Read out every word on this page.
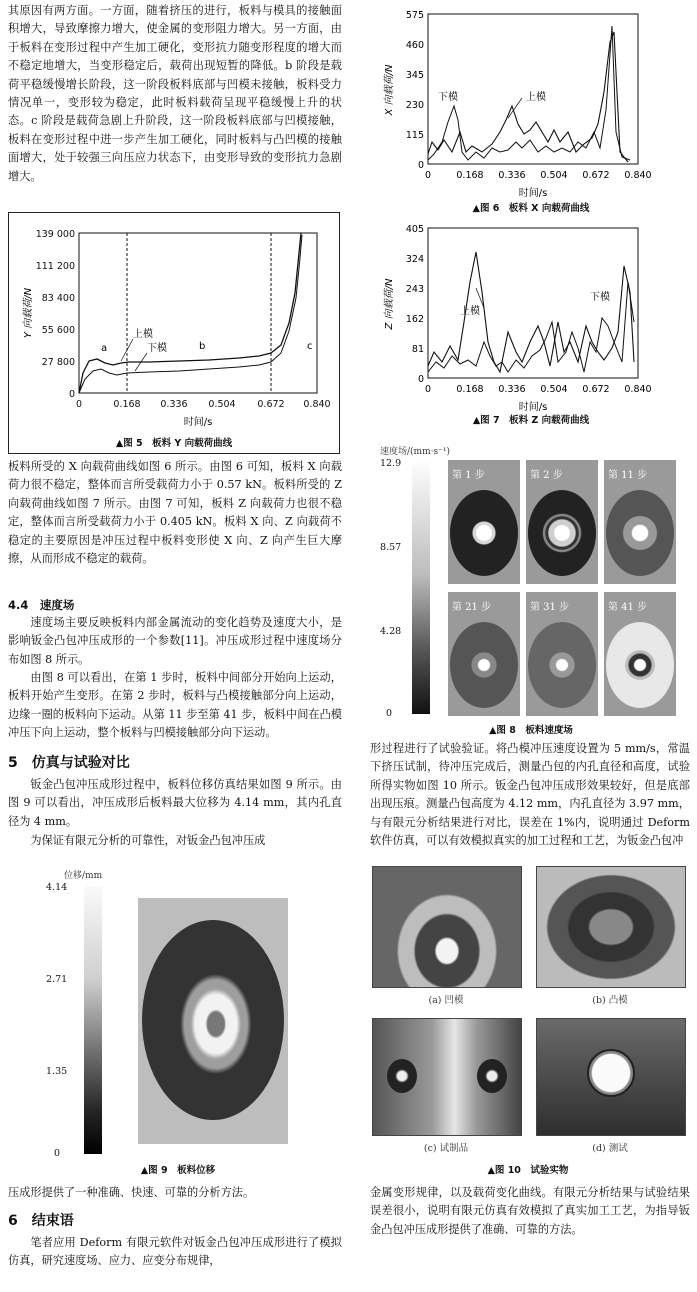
其原因有两方面。一方面，随着挤压的进行，板料与模具的接触面积增大，导致摩擦力增大，使金属的变形阻力增大。另一方面，由于板料在变形过程中产生加工硬化，变形抗力随变形程度的增大而不稳定地增大，当变形稳定后，载荷出现短暂的降低。b 阶段是载荷平稳缓慢增长阶段，这一阶段板料底部与凹模未接触，板料受力情况单一，变形较为稳定，此时板料载荷呈现平稳缓慢上升的状态。c 阶段是载荷急剧上升阶段，这一阶段板料底部与凹模接触，板料在变形过程中进一步产生加工硬化，同时板料与凸凹模的接触面增大，处于较强三向压应力状态下，由变形导致的变形抗力急剧增大。

139 000
111 200
83 400
55 600
27 800
0
0	0.168 0.336 0.504 0.672 0.840
Y 向载荷/N
时间/s
a	b	c
上模
下模
▲图 5　板料 Y 向载荷曲线

板料所受的 X 向载荷曲线如图 6 所示。由图 6 可知，板料 X 向载荷力很不稳定，整体而言所受载荷力小于 0.57 kN。板料所受的 Z 向载荷曲线如图 7 所示。由图 7 可知，板料 Z 向载荷力也很不稳定，整体而言所受载荷力小于 0.405 kN。板料 X 向、Z 向载荷不稳定的主要原因是冲压过程中板料变形使 X 向、Z 向产生巨大摩擦，从而形成不稳定的载荷。

4.4　速度场

速度场主要反映板料内部金属流动的变化趋势及速度大小，是影响钣金凸包冲压成形的一个参数[11]。冲压成形过程中速度场分布如图 8 所示。

由图 8 可以看出，在第 1 步时，板料中间部分开始向上运动，板料开始产生变形。在第 2 步时，板料与凸模接触部分向上运动，边缘一圈的板料向下运动。从第 11 步至第 41 步，板料中间在凸模冲压下向上运动，整个板料与凹模接触部分向下运动。

575
460
345
230
115
0
0	0.168 0.336 0.504 0.672 0.840
X 向载荷/N
时间/s
下模	上模
▲图 6　板料 X 向载荷曲线
405
324
243
162
81
0
0	0.168 0.336 0.504 0.672 0.840
Z 向载荷/N
时间/s
上模
下模
▲图 7　板料 Z 向载荷曲线
速度场/(mm·s⁻¹)
12.9
8.57
4.28
0
第 1 步	第 2 步	第 11 步
第 21 步	第 31 步	第 41 步
▲图 8　板料速度场
5　仿真与试验对比

钣金凸包冲压成形过程中，板料位移仿真结果如图 9 所示。由图 9 可以看出，冲压成形后板料最大位移为 4.14 mm，其内孔直径为 4 mm。

为保证有限元分析的可靠性，对钣金凸包冲压成

形过程进行了试验验证。将凸模冲压速度设置为 5 mm/s，常温下挤压试制，待冲压完成后，测量凸包的内孔直径和高度，试验所得实物如图 10 所示。钣金凸包冲压成形效果较好，但是底部出现压痕。测量凸包高度为 4.12 mm，内孔直径为 3.97 mm，与有限元分析结果进行对比，误差在 1%内，说明通过 Deform 软件仿真，可以有效模拟真实的加工过程和工艺，为钣金凸包冲

位移/mm
4.14
2.71
1.35
0
▲图 9　板料位移
(a) 凹模	(b) 凸模
(c) 试制品	(d) 测试
▲图 10　试验实物

压成形提供了一种准确、快速、可靠的分析方法。

6　结束语

笔者应用 Deform 有限元软件对钣金凸包冲压成形进行了模拟仿真，研究速度场、应力、应变分布规律，

金属变形规律，以及载荷变化曲线。有限元分析结果与试验结果误差很小，说明有限元仿真有效模拟了真实加工工艺，为指导钣金凸包冲压成形提供了准确、可靠的方法。
